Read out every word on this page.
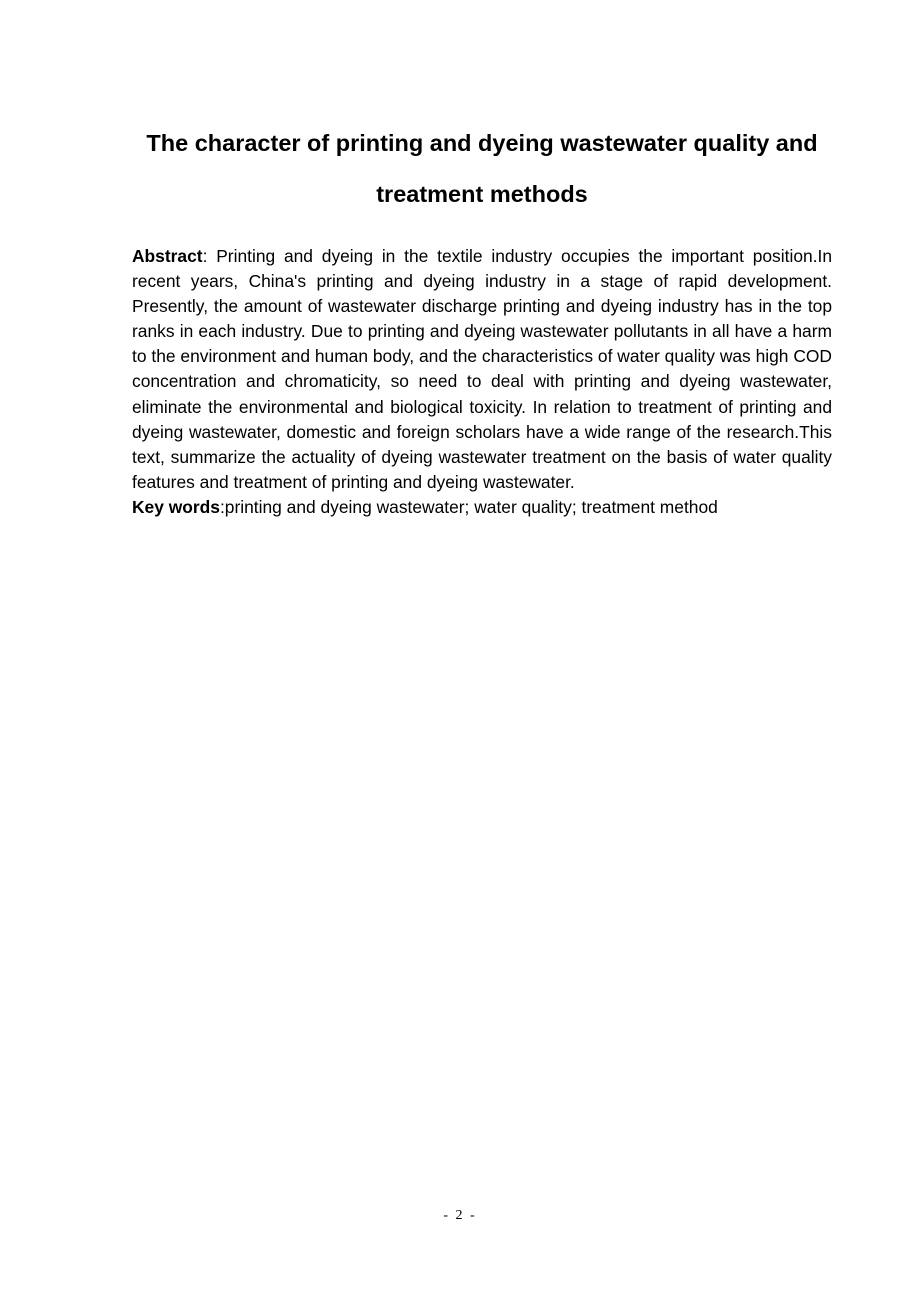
The character of printing and dyeing wastewater quality and treatment methods

Abstract: Printing and dyeing in the textile industry occupies the important position.In recent years, China's printing and dyeing industry in a stage of rapid development. Presently, the amount of wastewater discharge printing and dyeing industry has in the top ranks in each industry. Due to printing and dyeing wastewater pollutants in all have a harm to the environment and human body, and the characteristics of water quality was high COD concentration and chromaticity, so need to deal with printing and dyeing wastewater, eliminate the environmental and biological toxicity. In relation to treatment of printing and dyeing wastewater, domestic and foreign scholars have a wide range of the research.This text, summarize the actuality of dyeing wastewater treatment on the basis of water quality features and treatment of printing and dyeing wastewater.

Key words:printing and dyeing wastewater; water quality; treatment method

- 2 -
